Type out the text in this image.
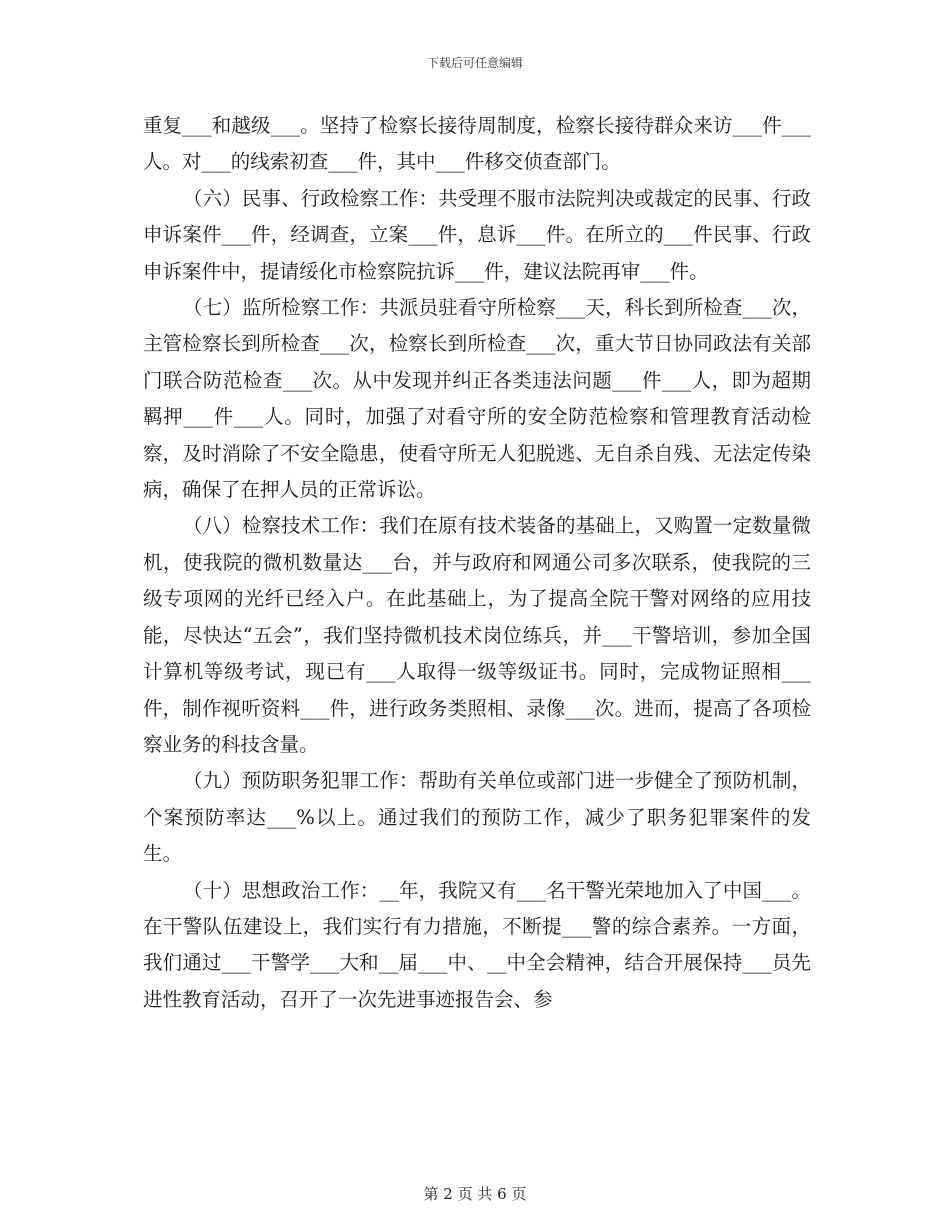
下载后可任意编辑

重复___和越级___。坚持了检察长接待周制度，检察长接待群众来访___件___人。对___的线索初查___件，其中___件移交侦查部门。

（六）民事、行政检察工作：共受理不服市法院判决或裁定的民事、行政申诉案件___件，经调查，立案___件，息诉___件。在所立的___件民事、行政申诉案件中，提请绥化市检察院抗诉___件，建议法院再审___件。

（七）监所检察工作：共派员驻看守所检察___天，科长到所检查___次，主管检察长到所检查___次，检察长到所检查___次，重大节日协同政法有关部门联合防范检查___次。从中发现并纠正各类违法问题___件___人，即为超期羁押___件___人。同时，加强了对看守所的安全防范检察和管理教育活动检察，及时消除了不安全隐患，使看守所无人犯脱逃、无自杀自残、无法定传染病，确保了在押人员的正常诉讼。

（八）检察技术工作：我们在原有技术装备的基础上，又购置一定数量微机，使我院的微机数量达___台，并与政府和网通公司多次联系，使我院的三级专项网的光纤已经入户。在此基础上，为了提高全院干警对网络的应用技能，尽快达“五会”，我们坚持微机技术岗位练兵，并___干警培训，参加全国计算机等级考试，现已有___人取得一级等级证书。同时，完成物证照相___件，制作视听资料___件，进行政务类照相、录像___次。进而，提高了各项检察业务的科技含量。

（九）预防职务犯罪工作：帮助有关单位或部门进一步健全了预防机制，个案预防率达___%以上。通过我们的预防工作，减少了职务犯罪案件的发生。

（十）思想政治工作：__年，我院又有___名干警光荣地加入了中国___。在干警队伍建设上，我们实行有力措施，不断提___警的综合素养。一方面，我们通过___干警学___大和__届___中、__中全会精神，结合开展保持___员先进性教育活动，召开了一次先进事迹报告会、参

第 2 页 共 6 页
